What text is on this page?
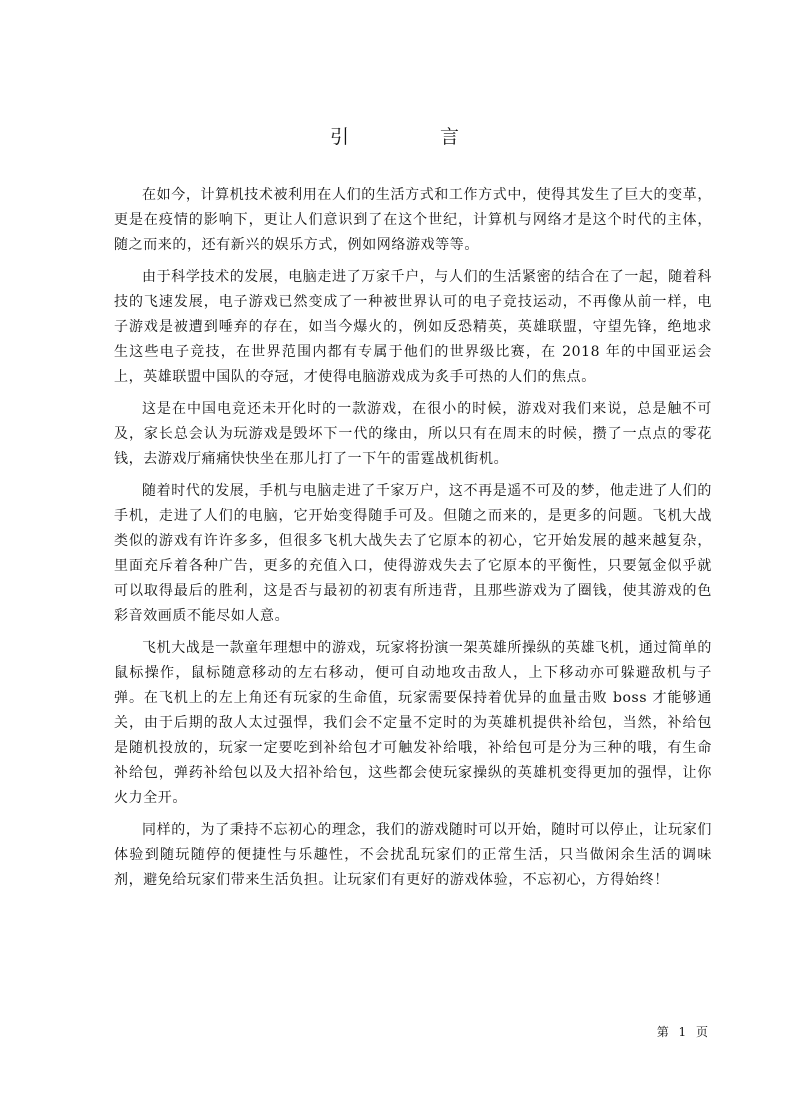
引　言

在如今，计算机技术被利用在人们的生活方式和工作方式中，使得其发生了巨大的变革，更是在疫情的影响下，更让人们意识到了在这个世纪，计算机与网络才是这个时代的主体，随之而来的，还有新兴的娱乐方式，例如网络游戏等等。

由于科学技术的发展，电脑走进了万家千户，与人们的生活紧密的结合在了一起，随着科技的飞速发展，电子游戏已然变成了一种被世界认可的电子竞技运动，不再像从前一样，电子游戏是被遭到唾弃的存在，如当今爆火的，例如反恐精英，英雄联盟，守望先锋，绝地求生这些电子竞技，在世界范围内都有专属于他们的世界级比赛，在 2018 年的中国亚运会上，英雄联盟中国队的夺冠，才使得电脑游戏成为炙手可热的人们的焦点。

这是在中国电竞还未开化时的一款游戏，在很小的时候，游戏对我们来说，总是触不可及，家长总会认为玩游戏是毁坏下一代的缘由，所以只有在周末的时候，攒了一点点的零花钱，去游戏厅痛痛快快坐在那儿打了一下午的雷霆战机街机。

随着时代的发展，手机与电脑走进了千家万户，这不再是遥不可及的梦，他走进了人们的手机，走进了人们的电脑，它开始变得随手可及。但随之而来的，是更多的问题。飞机大战类似的游戏有许许多多，但很多飞机大战失去了它原本的初心，它开始发展的越来越复杂，里面充斥着各种广告，更多的充值入口，使得游戏失去了它原本的平衡性，只要氪金似乎就可以取得最后的胜利，这是否与最初的初衷有所违背，且那些游戏为了圈钱，使其游戏的色彩音效画质不能尽如人意。

飞机大战是一款童年理想中的游戏，玩家将扮演一架英雄所操纵的英雄飞机，通过简单的鼠标操作，鼠标随意移动的左右移动，便可自动地攻击敌人，上下移动亦可躲避敌机与子弹。在飞机上的左上角还有玩家的生命值，玩家需要保持着优异的血量击败 boss 才能够通关，由于后期的敌人太过强悍，我们会不定量不定时的为英雄机提供补给包，当然，补给包是随机投放的，玩家一定要吃到补给包才可触发补给哦，补给包可是分为三种的哦，有生命补给包，弹药补给包以及大招补给包，这些都会使玩家操纵的英雄机变得更加的强悍，让你火力全开。

同样的，为了秉持不忘初心的理念，我们的游戏随时可以开始，随时可以停止，让玩家们体验到随玩随停的便捷性与乐趣性，不会扰乱玩家们的正常生活，只当做闲余生活的调味剂，避免给玩家们带来生活负担。让玩家们有更好的游戏体验，不忘初心，方得始终！

第 1 页
